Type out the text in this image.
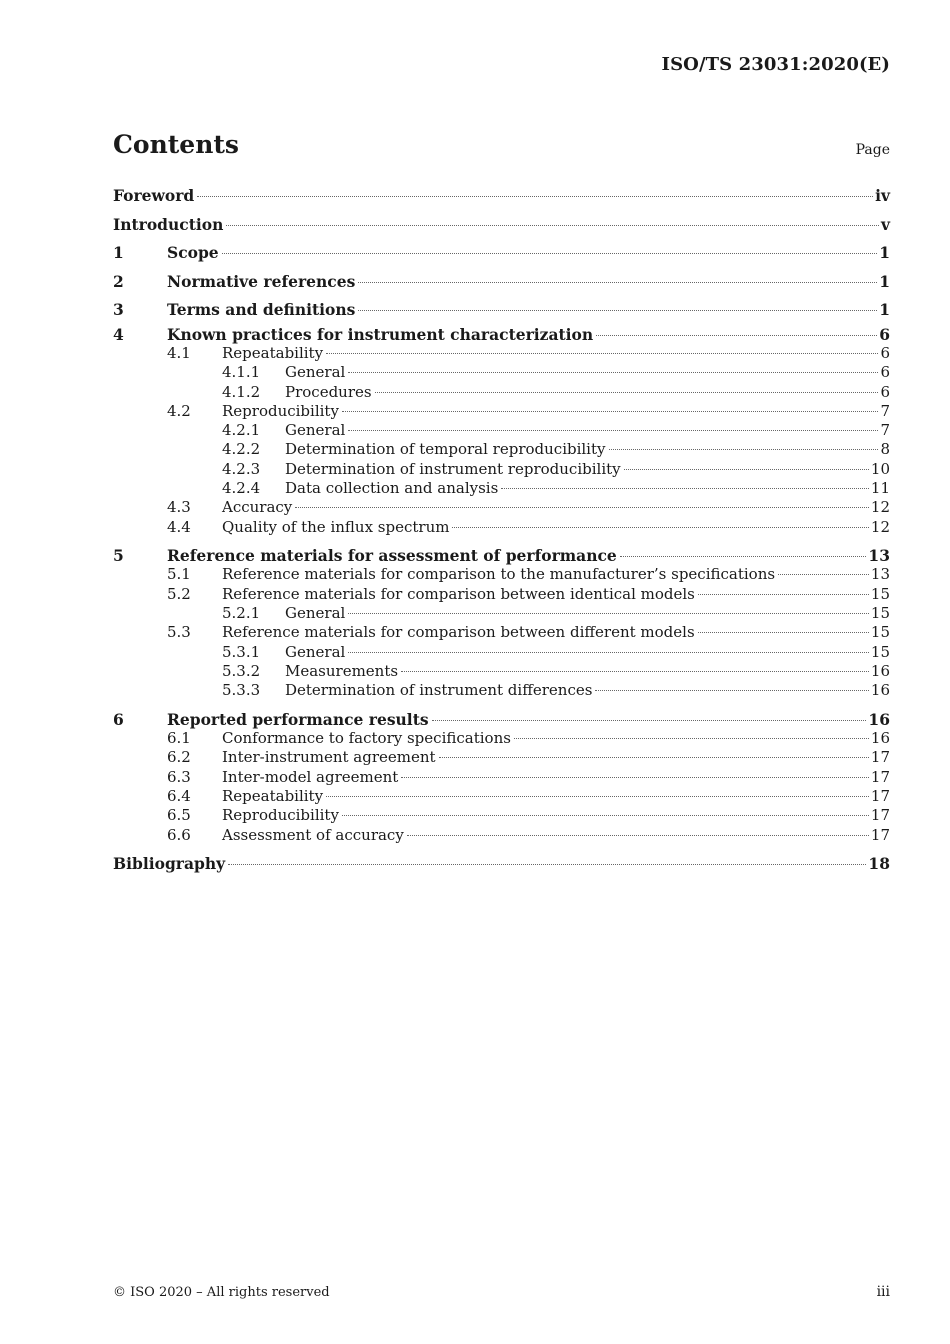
ISO/TS 23031:2020(E)
Contents	Page
Foreword	iv
Introduction	v
1	Scope	1
2	Normative references	1
3	Terms and definitions	1
4	Known practices for instrument characterization	6
4.1 Repeatability	6
4.1.1 General	6
4.1.2 Procedures	6
4.2 Reproducibility	7
4.2.1 General	7
4.2.2 Determination of temporal reproducibility	8
4.2.3 Determination of instrument reproducibility	10
4.2.4 Data collection and analysis	11
4.3 Accuracy	12
4.4 Quality of the influx spectrum	12
5	Reference materials for assessment of performance	13
5.1 Reference materials for comparison to the manufacturer’s specifications	13
5.2 Reference materials for comparison between identical models	15
5.2.1 General	15
5.3 Reference materials for comparison between different models	15
5.3.1 General	15
5.3.2 Measurements	16
5.3.3 Determination of instrument differences	16
6	Reported performance results	16
6.1 Conformance to factory specifications	16
6.2 Inter-instrument agreement	17
6.3 Inter-model agreement	17
6.4 Repeatability	17
6.5 Reproducibility	17
6.6 Assessment of accuracy	17
Bibliography	18
© ISO 2020 – All rights reserved	iii
